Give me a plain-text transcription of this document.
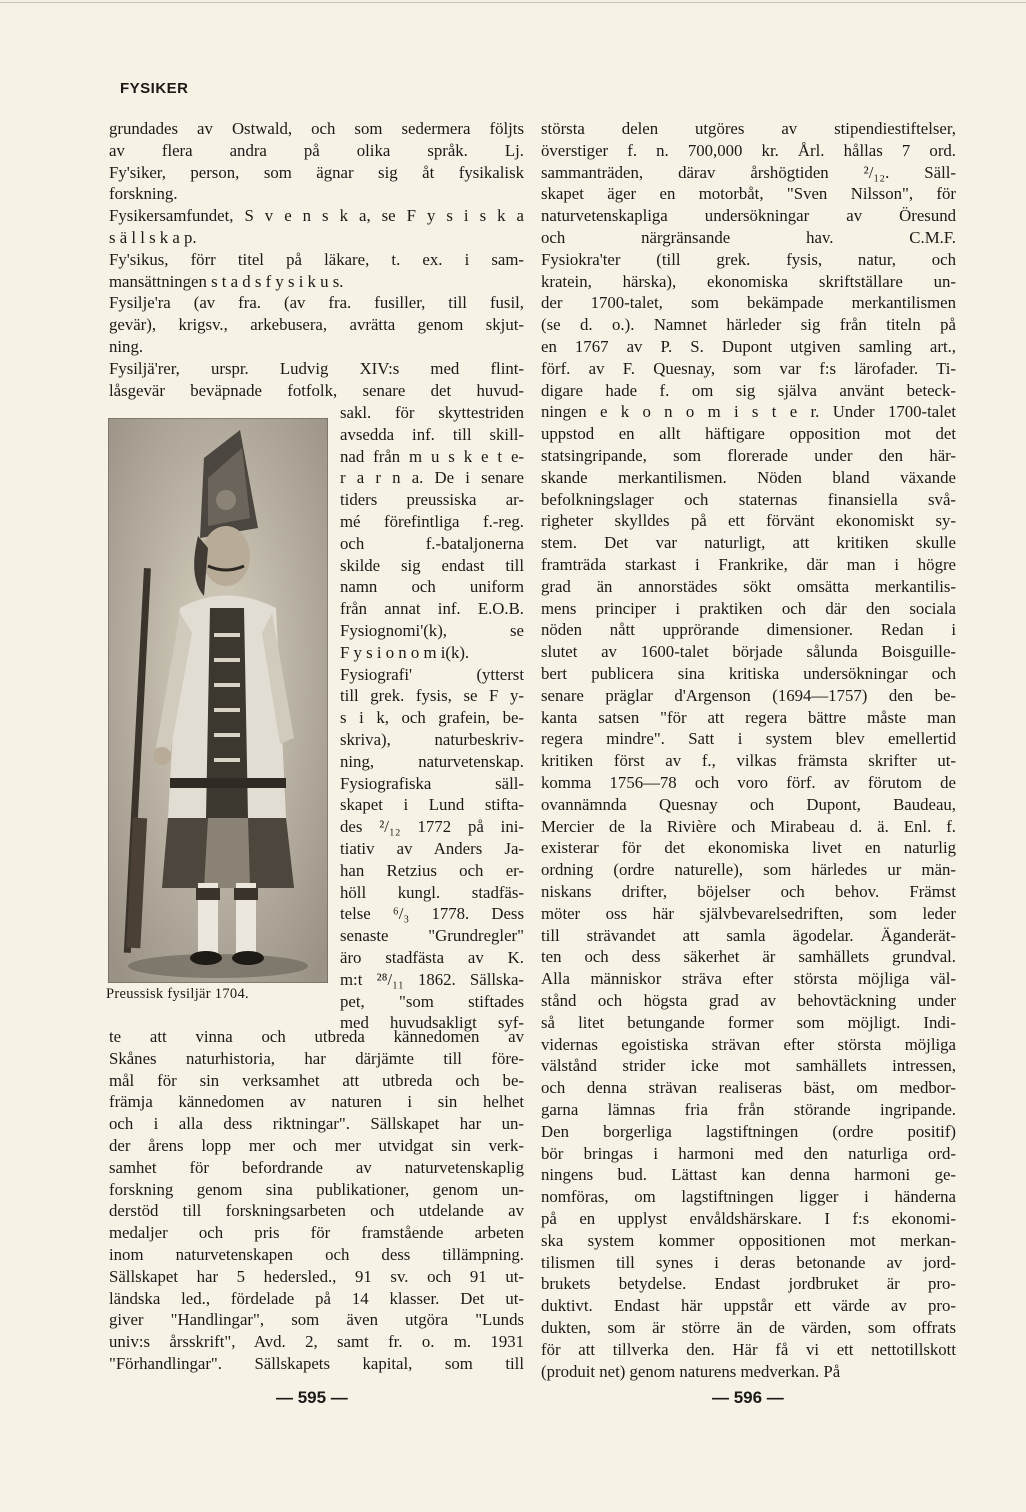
FYSIKER
grundades av Ostwald, och som sedermera följts
av flera andra på olika språk. Lj.
Fy'siker, person, som ägnar sig åt fysikalisk
forskning.
Fysikersamfundet, S v e n s k a, se F y s i s k a
s ä l l s k a p.
Fy'sikus, förr titel på läkare, t. ex. i sam-
mansättningen s t a d s f y s i k u s.
Fysilje'ra (av fra. (av fra. fusiller, till fusil,
gevär), krigsv., arkebusera, avrätta genom skjut-
ning.
Fysiljä'rer, urspr. Ludvig XIV:s med flint-
låsgevär beväpnade fotfolk, senare det huvud-
Preussisk fysiljär 1704.
sakl. för skyttestriden
avsedda inf. till skill-
nad från m u s k e t e-
r a r n a. De i senare
tiders preussiska ar-
mé förefintliga f.-reg.
och f.-bataljonerna
skilde sig endast till
namn och uniform
från annat inf. E.O.B.
Fysiognomi'(k), se
F y s i o n o m i(k).
Fysiografi' (ytterst
till grek. fysis, se F y-
s i k, och grafein, be-
skriva), naturbeskriv-
ning, naturvetenskap.
Fysiografiska säll-
skapet i Lund stifta-
des ²/₁₂ 1772 på ini-
tiativ av Anders Ja-
han Retzius och er-
höll kungl. stadfäs-
telse ⁶/₃ 1778. Dess
senaste "Grundregler"
äro stadfästa av K.
m:t ²⁸/₁₁ 1862. Sällska-
pet, "som stiftades
med huvudsakligt syf-
te att vinna och utbreda kännedomen av
Skånes naturhistoria, har därjämte till före-
mål för sin verksamhet att utbreda och be-
främja kännedomen av naturen i sin helhet
och i alla dess riktningar". Sällskapet har un-
der årens lopp mer och mer utvidgat sin verk-
samhet för befordrande av naturvetenskaplig
forskning genom sina publikationer, genom un-
derstöd till forskningsarbeten och utdelande av
medaljer och pris för framstående arbeten
inom naturvetenskapen och dess tillämpning.
Sällskapet har 5 hedersled., 91 sv. och 91 ut-
ländska led., fördelade på 14 klasser. Det ut-
giver "Handlingar", som även utgöra "Lunds
univ:s årsskrift", Avd. 2, samt fr. o. m. 1931
"Förhandlingar". Sällskapets kapital, som till
största delen utgöres av stipendiestiftelser,
överstiger f. n. 700,000 kr. Årl. hållas 7 ord.
sammanträden, därav årshögtiden ²/₁₂. Säll-
skapet äger en motorbåt, "Sven Nilsson", för
naturvetenskapliga undersökningar av Öresund
och närgränsande hav. C.M.F.
Fysiokra'ter (till grek. fysis, natur, och
kratein, härska), ekonomiska skriftställare un-
der 1700-talet, som bekämpade merkantilismen
(se d. o.). Namnet härleder sig från titeln på
en 1767 av P. S. Dupont utgiven samling art.,
förf. av F. Quesnay, som var f:s lärofader. Ti-
digare hade f. om sig själva använt beteck-
ningen e k o n o m i s t e r. Under 1700-talet
uppstod en allt häftigare opposition mot det
statsingripande, som florerade under den här-
skande merkantilismen. Nöden bland växande
befolkningslager och staternas finansiella svå-
righeter skylldes på ett förvänt ekonomiskt sy-
stem. Det var naturligt, att kritiken skulle
framträda starkast i Frankrike, där man i högre
grad än annorstädes sökt omsätta merkantilis-
mens principer i praktiken och där den sociala
nöden nått upprörande dimensioner. Redan i
slutet av 1600-talet började sålunda Boisguille-
bert publicera sina kritiska undersökningar och
senare präglar d'Argenson (1694—1757) den be-
kanta satsen "för att regera bättre måste man
regera mindre". Satt i system blev emellertid
kritiken först av f., vilkas främsta skrifter ut-
komma 1756—78 och voro förf. av förutom de
ovannämnda Quesnay och Dupont, Baudeau,
Mercier de la Rivière och Mirabeau d. ä. Enl. f.
existerar för det ekonomiska livet en naturlig
ordning (ordre naturelle), som härledes ur män-
niskans drifter, böjelser och behov. Främst
möter oss här självbevarelsedriften, som leder
till strävandet att samla ägodelar. Äganderät-
ten och dess säkerhet är samhällets grundval.
Alla människor sträva efter största möjliga väl-
stånd och högsta grad av behovtäckning under
så litet betungande former som möjligt. Indi-
vidernas egoistiska strävan efter största möjliga
välstånd strider icke mot samhällets intressen,
och denna strävan realiseras bäst, om medbor-
garna lämnas fria från störande ingripande.
Den borgerliga lagstiftningen (ordre positif)
bör bringas i harmoni med den naturliga ord-
ningens bud. Lättast kan denna harmoni ge-
nomföras, om lagstiftningen ligger i händerna
på en upplyst envåldshärskare. I f:s ekonomi-
ska system kommer oppositionen mot merkan-
tilismen till synes i deras betonande av jord-
brukets betydelse. Endast jordbruket är pro-
duktivt. Endast här uppstår ett värde av pro-
dukten, som är större än de värden, som offrats
för att tillverka den. Här få vi ett nettotillskott
(produit net) genom naturens medverkan. På
— 595 —	— 596 —
